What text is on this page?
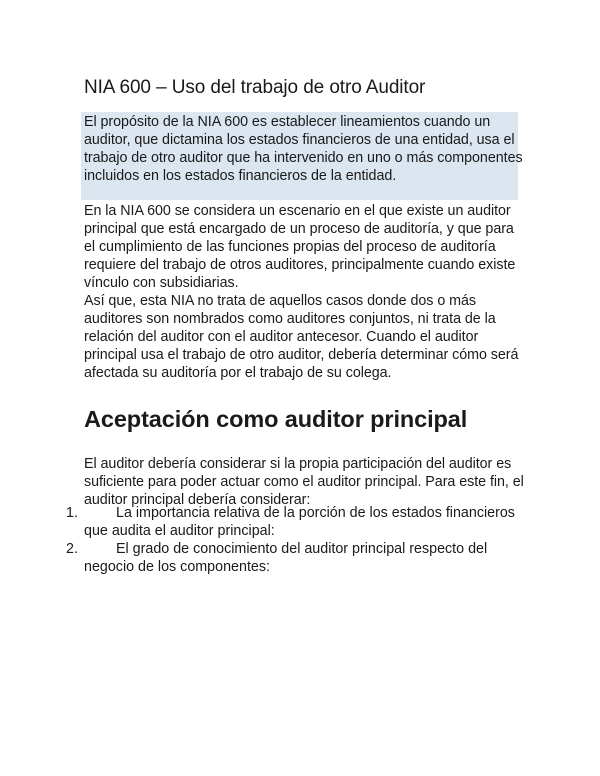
NIA 600 – Uso del trabajo de otro Auditor

El propósito de la NIA 600 es establecer lineamientos cuando un auditor, que dictamina los estados financieros de una entidad, usa el trabajo de otro auditor que ha intervenido en uno o más componentes incluidos en los estados financieros de la entidad.

En la NIA 600 se considera un escenario en el que existe un auditor principal que está encargado de un proceso de auditoría, y que para el cumplimiento de las funciones propias del proceso de auditoría requiere del trabajo de otros auditores, principalmente cuando existe vínculo con subsidiarias.

Así que, esta NIA no trata de aquellos casos donde dos o más auditores son nombrados como auditores conjuntos, ni trata de la relación del auditor con el auditor antecesor. Cuando el auditor principal usa el trabajo de otro auditor, debería determinar cómo será afectada su auditoría por el trabajo de su colega.

Aceptación como auditor principal

El auditor debería considerar si la propia participación del auditor es suficiente para poder actuar como el auditor principal. Para este fin, el auditor principal debería considerar:

1.	La importancia relativa de la porción de los estados financieros que audita el auditor principal:
2.	El grado de conocimiento del auditor principal respecto del negocio de los componentes:
